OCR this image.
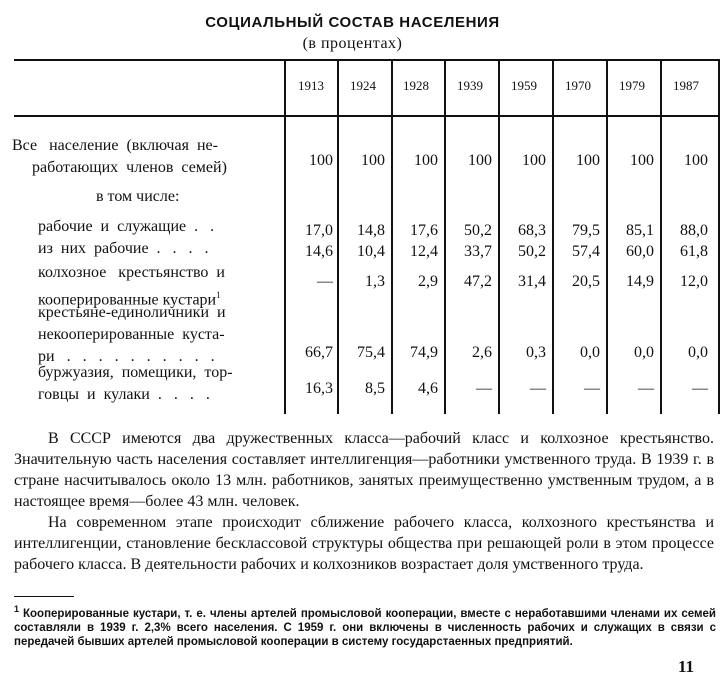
СОЦИАЛЬНЫЙ СОСТАВ НАСЕЛЕНИЯ
(в процентах)
1913	1924	1928	1939	1959	1970	1979	1987
Все   население  (включая  не-
работающих  членов  семей)	100	100	100	100	100	100	100	100
в том числе:
рабочие  и  служащие  .   .	17,0	14,8	17,6	50,2	68,3	79,5	85,1	88,0
из  них  рабочие  .   .   .   .	14,6	10,4	12,4	33,7	50,2	57,4	60,0	61,8
колхозное   крестьянство  и
кооперированные кустари$^1$
—	1,3	2,9	47,2	31,4	20,5	14,9	12,0
крестьяне-единоличники  и
некооперированные  куста-
ри   .   .   .   .   .   .   .   .   .   .	66,7	75,4	74,9	2,6	0,3	0,0	0,0	0,0
буржуазия,  помещики,  тор-
говцы  и  кулаки  .   .   .   .	16,3	8,5	4,6	—	—	—	—	—

В СССР имеются два дружественных класса—рабочий класс и колхозное крестьянство. Значительную часть населения составляет интеллигенция—работники умственного труда. В 1939 г. в стране насчитывалось около 13 млн. работников, занятых преимущественно умственным трудом, а в настоящее время—более 43 млн. человек.

На современном этапе происходит сближение рабочего класса, колхозного крестьянства и интеллигенции, становление бесклассовой структуры общества при решающей роли в этом процессе рабочего класса. В деятельности рабочих и колхозников возрастает доля умственного труда.

$^1$ Кооперированные кустари, т. е. члены артелей промысловой кооперации, вместе с неработавшими членами их семей составляли в 1939 г. 2,3% всего населения. С 1959 г. они включены в численность рабочих и служащих в связи с передачей бывших артелей промысловой кооперации в систему государстаенных предприятий.
11
